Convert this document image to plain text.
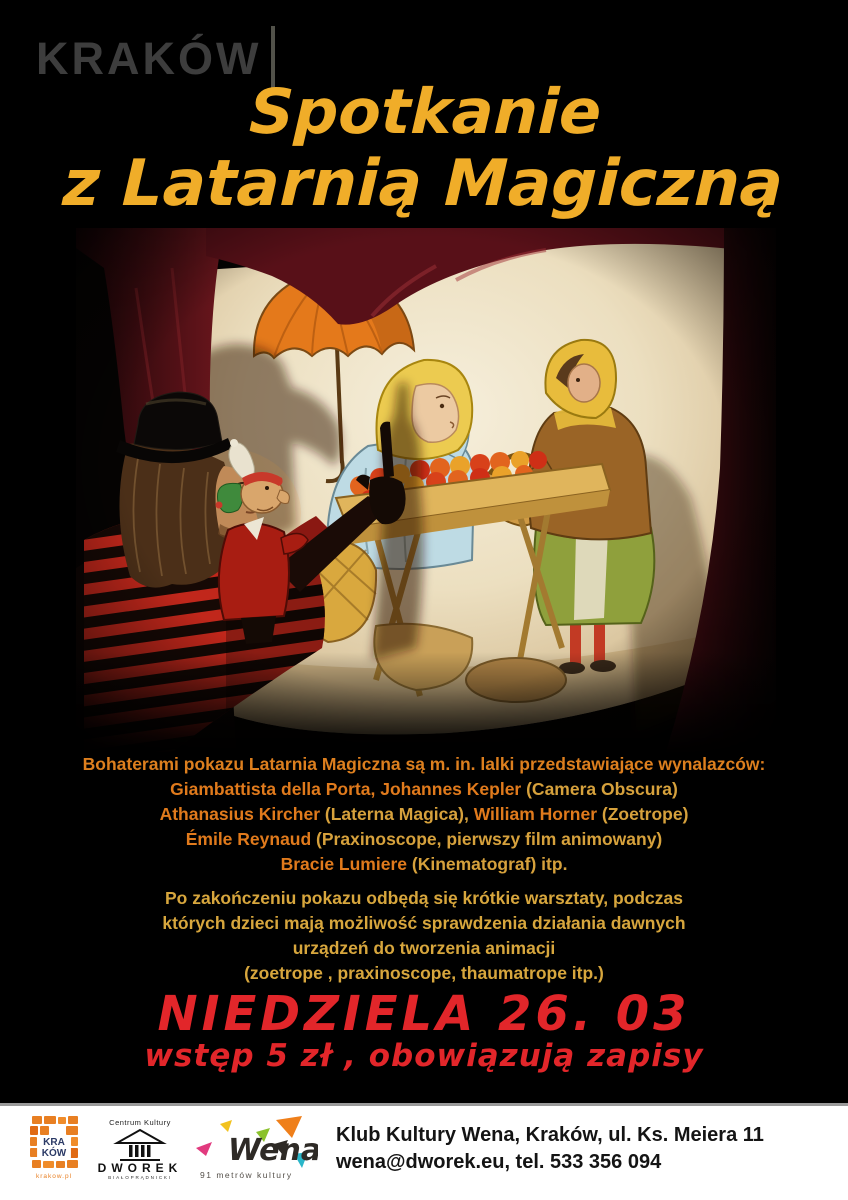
KRAKÓW
Spotkanie
z Latarnią Magiczną
Bohaterami pokazu Latarnia Magiczna są m. in. lalki przedstawiające wynalazców:
Giambattista della Porta, Johannes Kepler (Camera Obscura)
Athanasius Kircher (Laterna Magica), William Horner (Zoetrope)
Émile Reynaud (Praxinoscope, pierwszy film animowany)
Bracie Lumiere (Kinematograf) itp.
Po zakończeniu pokazu odbędą się krótkie warsztaty, podczas
których dzieci mają możliwość sprawdzenia działania dawnych
urządzeń do tworzenia animacji
(zoetrope , praxinoscope, thaumatrope itp.)
NIEDZIELA 26. 03
wstęp 5 zł , obowiązują zapisy
KRA
KÓW
krakow.pl
Centrum Kultury
DWOREK
BIAŁOPRĄDNICKI
Wena
91 metrów kultury
Klub Kultury Wena, Kraków, ul. Ks. Meiera 11
wena@dworek.eu, tel. 533 356 094
